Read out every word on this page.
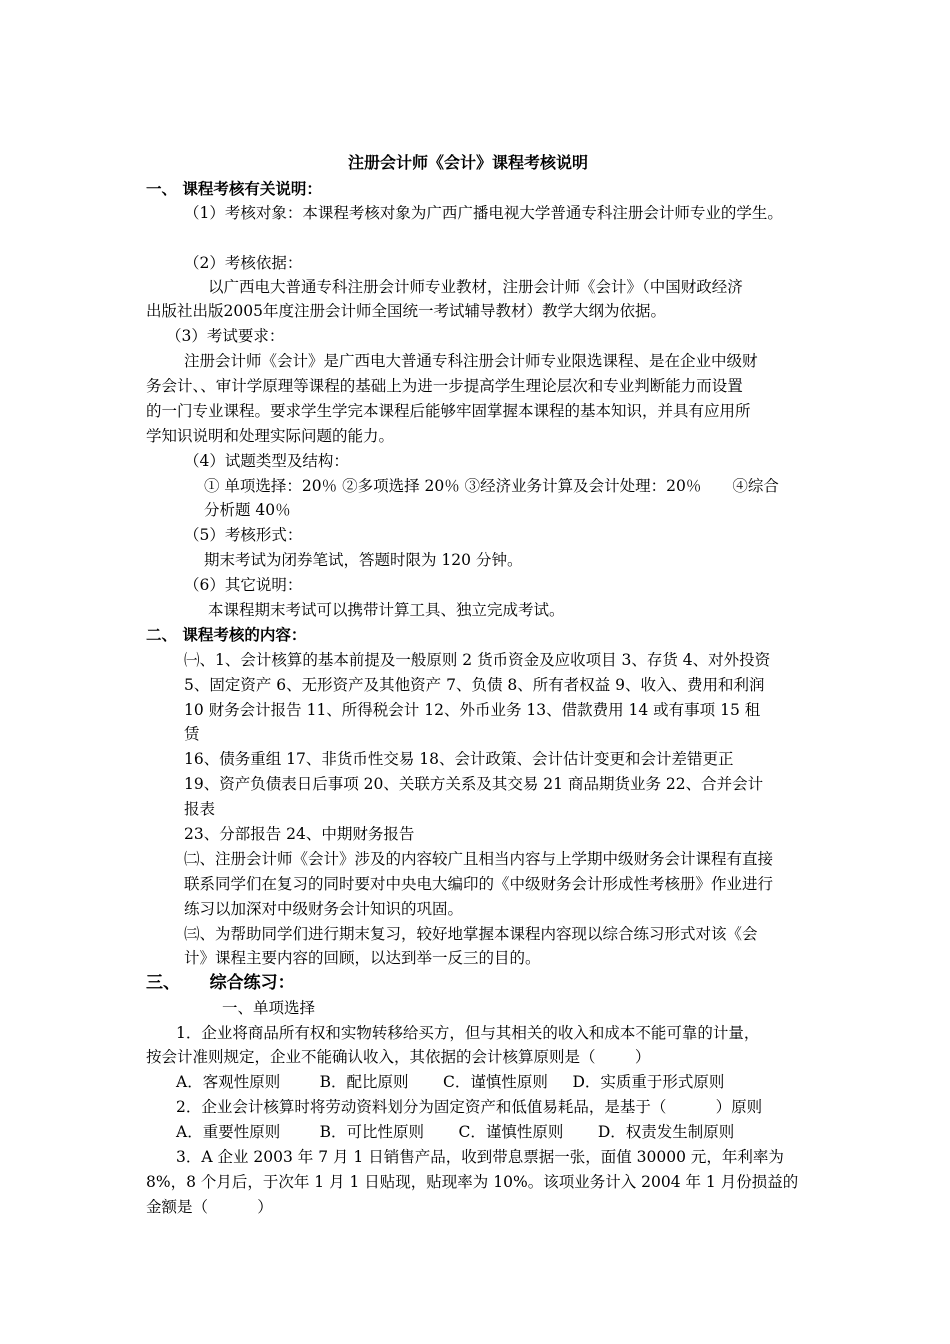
注册会计师《会计》课程考核说明
一、 课程考核有关说明：
（1）考核对象：本课程考核对象为广西广播电视大学普通专科注册会计师专业的学生。
（2）考核依据：
以广西电大普通专科注册会计师专业教材，注册会计师《会计》（中国财政经济
出版社出版2005年度注册会计师全国统一考试辅导教材）教学大纲为依据。
（3）考试要求：
注册会计师《会计》是广西电大普通专科注册会计师专业限选课程、是在企业中级财
务会计、、审计学原理等课程的基础上为进一步提高学生理论层次和专业判断能力而设置
的一门专业课程。要求学生学完本课程后能够牢固掌握本课程的基本知识，并具有应用所
学知识说明和处理实际问题的能力。
（4）试题类型及结构：
① 单项选择：20％ ②多项选择 20％ ③经济业务计算及会计处理：20％　　④综合
分析题 40％
（5）考核形式：
期末考试为闭券笔试，答题时限为 120 分钟。
（6）其它说明：
本课程期末考试可以携带计算工具、独立完成考试。
二、 课程考核的内容：
㈠、1、会计核算的基本前提及一般原则 2 货币资金及应收项目 3、存货 4、对外投资
5、固定资产 6、无形资产及其他资产 7、负债 8、所有者权益 9、收入、费用和利润
10 财务会计报告 11、所得税会计 12、外币业务 13、借款费用 14 或有事项 15 租
赁
16、债务重组 17、非货币性交易 18、会计政策、会计估计变更和会计差错更正
19、资产负债表日后事项 20、关联方关系及其交易 21 商品期货业务 22、合并会计
报表
23、分部报告 24、中期财务报告
㈡、注册会计师《会计》涉及的内容较广且相当内容与上学期中级财务会计课程有直接
联系同学们在复习的同时要对中央电大编印的《中级财务会计形成性考核册》作业进行
练习以加深对中级财务会计知识的巩固。
㈢、为帮助同学们进行期末复习，较好地掌握本课程内容现以综合练习形式对该《会
计》课程主要内容的回顾，以达到举一反三的目的。
三、     综合练习：
一、单项选择
1．企业将商品所有权和实物转移给买方，但与其相关的收入和成本不能可靠的计量，
按会计准则规定，企业不能确认收入，其依据的会计核算原则是（        ）
A．客观性原则        B．配比原则       C．谨慎性原则     D．实质重于形式原则
2．企业会计核算时将劳动资料划分为固定资产和低值易耗品，是基于（          ）原则
A．重要性原则        B．可比性原则       C．谨慎性原则       D．权责发生制原则
3．A 企业 2003 年 7 月 1 日销售产品，收到带息票据一张，面值 30000 元，年利率为
8%，8 个月后，于次年 1 月 1 日贴现，贴现率为 10%。该项业务计入 2004 年 1 月份损益的
金额是（          ）
